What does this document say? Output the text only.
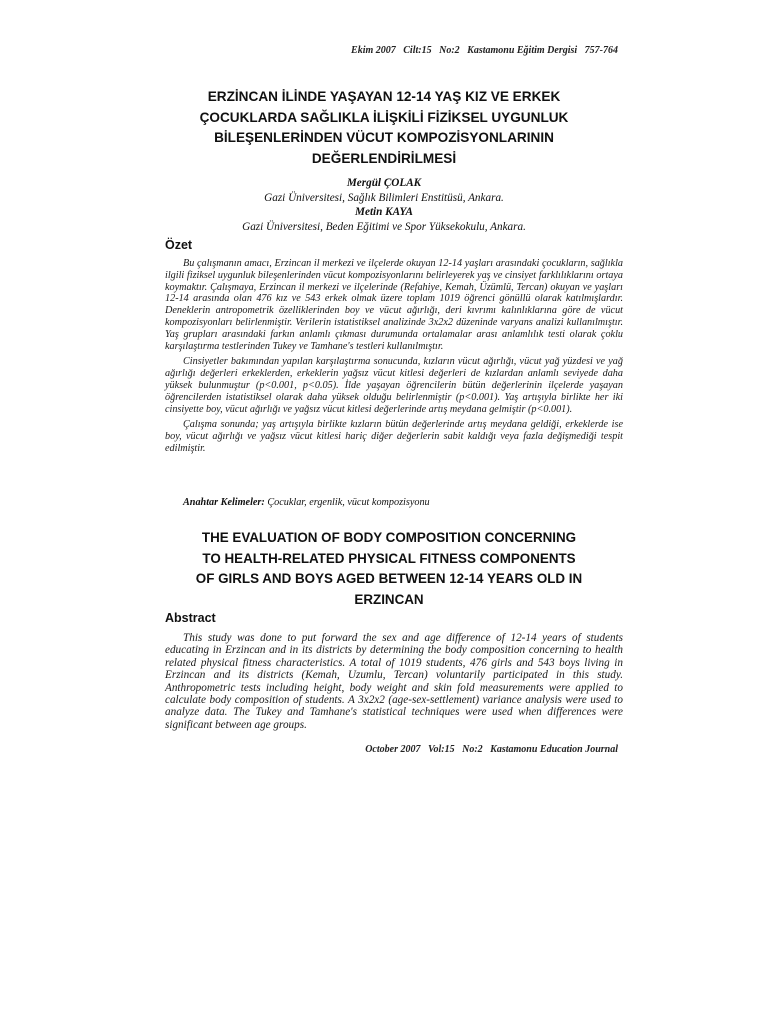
Ekim 2007   Cilt:15   No:2   Kastamonu Eğitim Dergisi   757-764
ERZİNCAN İLİNDE YAŞAYAN 12-14 YAŞ KIZ VE ERKEK
ÇOCUKLARDA SAĞLIKLA İLİŞKİLİ FİZİKSEL UYGUNLUK
BİLEŞENLERİNDEN VÜCUT KOMPOZİSYONLARININ
DEĞERLENDİRİLMESİ
Mergül ÇOLAK
Gazi Üniversitesi, Sağlık Bilimleri Enstitüsü, Ankara.
Metin KAYA
Gazi Üniversitesi, Beden Eğitimi ve Spor Yüksekokulu, Ankara.
Özet

Bu çalışmanın amacı, Erzincan il merkezi ve ilçelerde okuyan 12-14 yaşları arasındaki çocukların, sağlıkla ilgili fiziksel uygunluk bileşenlerinden vücut kompozisyonlarını belirleyerek yaş ve cinsiyet farklılıklarını ortaya koymaktır. Çalışmaya, Erzincan il merkezi ve ilçelerinde (Refahiye, Kemah, Üzümlü, Tercan) okuyan ve yaşları 12-14 arasında olan 476 kız ve 543 erkek olmak üzere toplam 1019 öğrenci gönüllü olarak katılmışlardır. Deneklerin antropometrik özelliklerinden boy ve vücut ağırlığı, deri kıvrımı kalınlıklarına göre de vücut kompozisyonları belirlenmiştir. Verilerin istatistiksel analizinde 3x2x2 düzeninde varyans analizi kullanılmıştır. Yaş grupları arasındaki farkın anlamlı çıkması durumunda ortalamalar arası anlamlılık testi olarak çoklu karşılaştırma testlerinden Tukey ve Tamhane's testleri kullanılmıştır.

Cinsiyetler bakımından yapılan karşılaştırma sonucunda, kızların vücut ağırlığı, vücut yağ yüzdesi ve yağ ağırlığı değerleri erkeklerden, erkeklerin yağsız vücut kitlesi değerleri de kızlardan anlamlı seviyede daha yüksek bulunmuştur (p<0.001, p<0.05). İlde yaşayan öğrencilerin bütün değerlerinin ilçelerde yaşayan öğrencilerden istatistiksel olarak daha yüksek olduğu belirlenmiştir (p<0.001). Yaş artışıyla birlikte her iki cinsiyette boy, vücut ağırlığı ve yağsız vücut kitlesi değerlerinde artış meydana gelmiştir (p<0.001).

Çalışma sonunda; yaş artışıyla birlikte kızların bütün değerlerinde artış meydana geldiği, erkeklerde ise boy, vücut ağırlığı ve yağsız vücut kitlesi hariç diğer değerlerin sabit kaldığı veya fazla değişmediği tespit edilmiştir.

Anahtar Kelimeler: Çocuklar, ergenlik, vücut kompozisyonu
THE EVALUATION OF BODY COMPOSITION CONCERNING
TO HEALTH-RELATED PHYSICAL FITNESS COMPONENTS
OF GIRLS AND BOYS AGED BETWEEN 12-14 YEARS OLD IN
ERZINCAN
Abstract

This study was done to put forward the sex and age difference of 12-14 years of students educating in Erzincan and in its districts by determining the body composition concerning to health related physical fitness characteristics. A total of 1019 students, 476 girls and 543 boys living in Erzincan and its districts (Kemah, Uzumlu, Tercan) voluntarily participated in this study. Anthropometric tests including height, body weight and skin fold measurements were applied to calculate body composition of students. A 3x2x2 (age-sex-settlement) variance analysis were used to analyze data. The Tukey and Tamhane's statistical techniques were used when differences were significant between age groups.

October 2007   Vol:15   No:2   Kastamonu Education Journal
